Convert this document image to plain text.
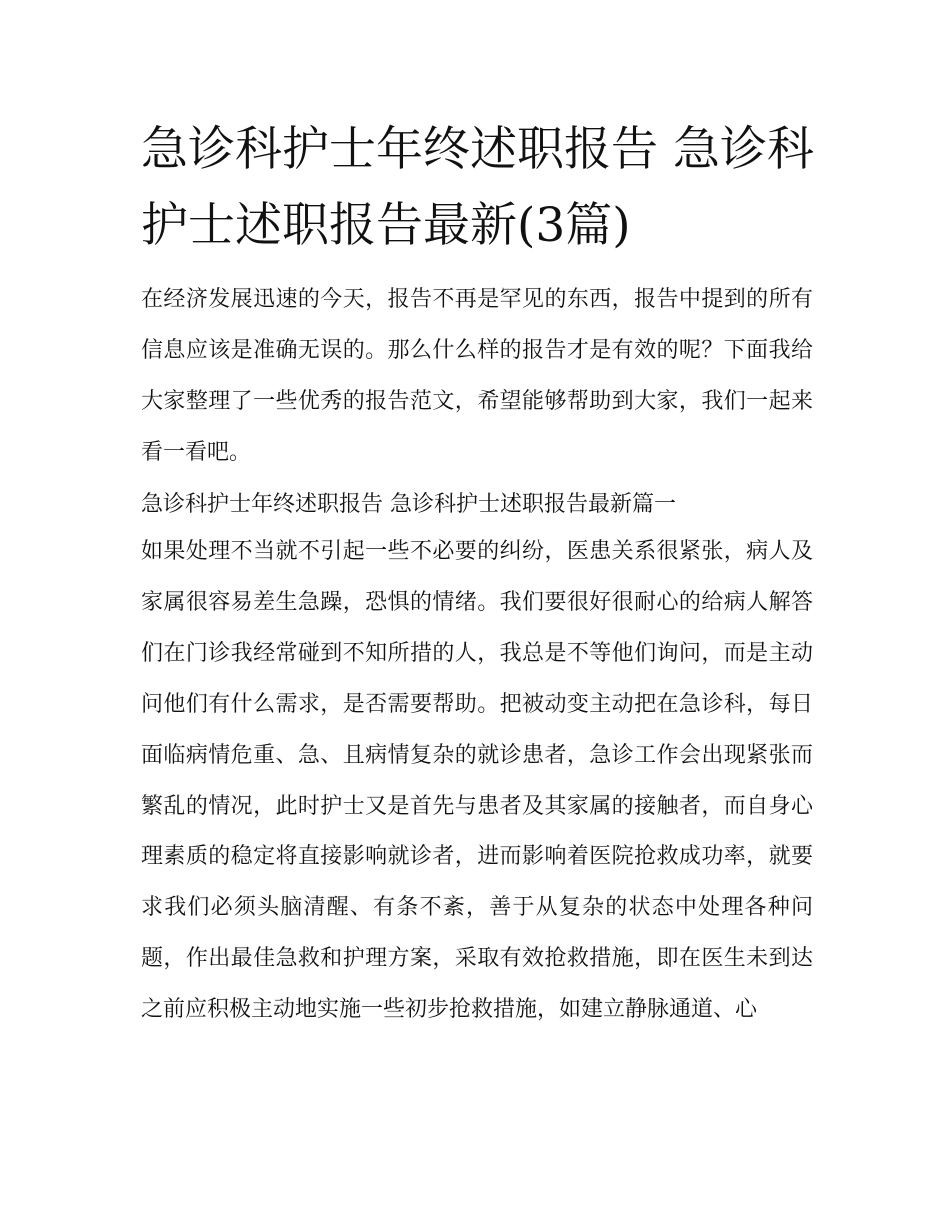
急诊科护士年终述职报告 急诊科护士述职报告最新(3篇)

在经济发展迅速的今天，报告不再是罕见的东西，报告中提到的所有信息应该是准确无误的。那么什么样的报告才是有效的呢？下面我给大家整理了一些优秀的报告范文，希望能够帮助到大家，我们一起来看一看吧。

急诊科护士年终述职报告 急诊科护士述职报告最新篇一

如果处理不当就不引起一些不必要的纠纷，医患关系很紧张，病人及家属很容易差生急躁，恐惧的情绪。我们要很好很耐心的给病人解答们在门诊我经常碰到不知所措的人，我总是不等他们询问，而是主动问他们有什么需求，是否需要帮助。把被动变主动把在急诊科，每日面临病情危重、急、且病情复杂的就诊患者，急诊工作会出现紧张而繁乱的情况，此时护士又是首先与患者及其家属的接触者，而自身心理素质的稳定将直接影响就诊者，进而影响着医院抢救成功率，就要求我们必须头脑清醒、有条不紊，善于从复杂的状态中处理各种问题，作出最佳急救和护理方案，采取有效抢救措施，即在医生未到达之前应积极主动地实施一些初步抢救措施，如建立静脉通道、心
